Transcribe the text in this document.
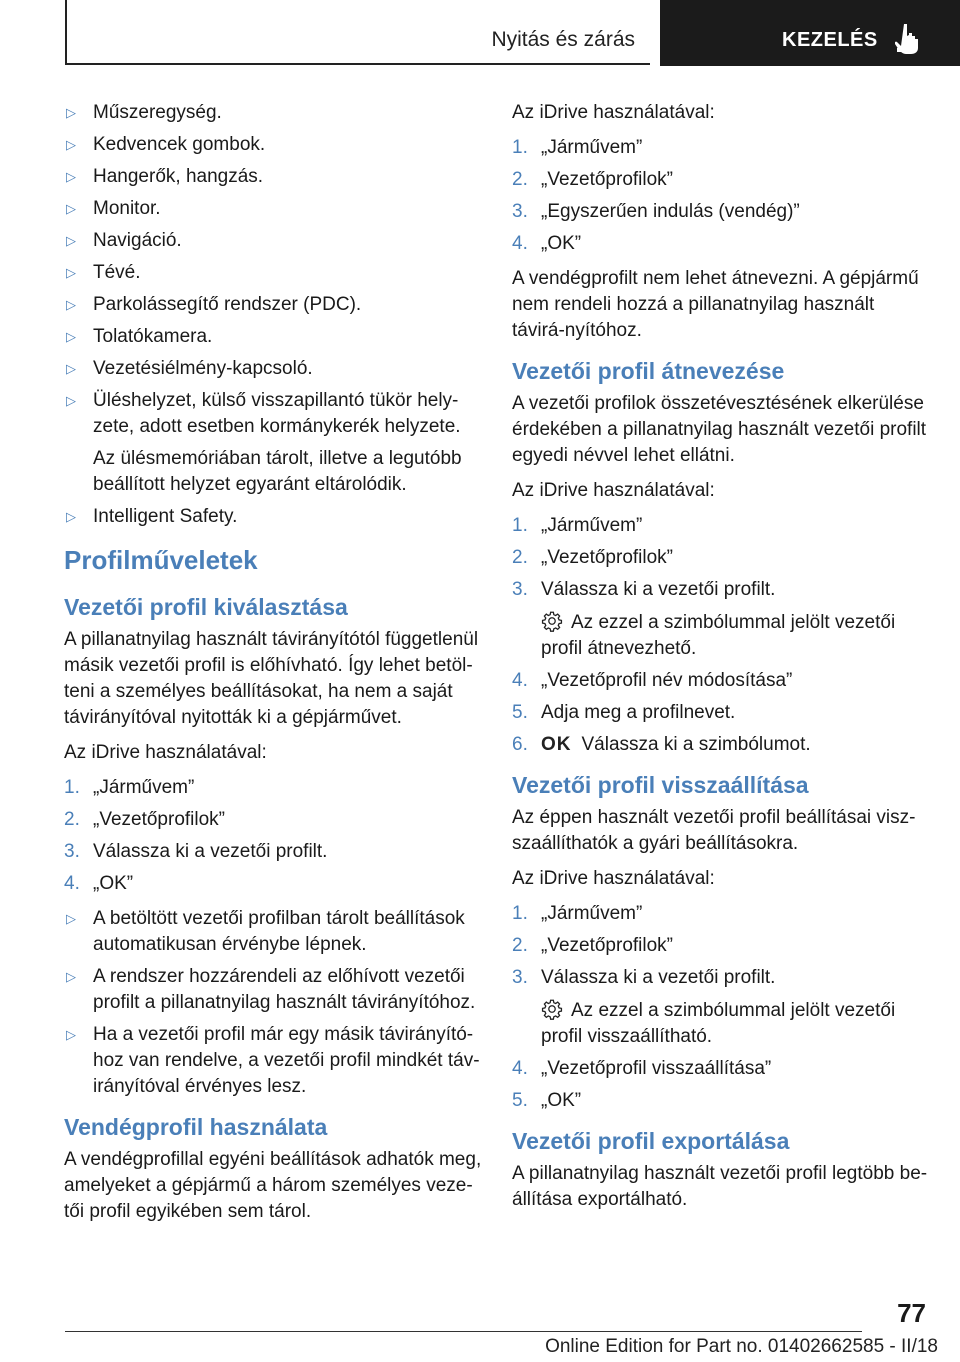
Nyitás és zárás	KEZELÉS
▷ Műszeregység.
▷ Kedvencek gombok.
▷ Hangerők, hangzás.
▷ Monitor.
▷ Navigáció.
▷ Tévé.
▷ Parkolássegítő rendszer (PDC).
▷ Tolatókamera.
▷ Vezetésiélmény-kapcsoló.
▷ Üléshelyzet, külső visszapillantó tükör hely-zete, adott esetben kormánykerék helyzete.
Az ülésmemóriában tárolt, illetve a legutóbb beállított helyzet egyaránt eltárolódik.
▷ Intelligent Safety.
Profilműveletek
Vezetői profil kiválasztása

A pillanatnyilag használt távirányítótól függetlenül másik vezetői profil is előhívható. Így lehet betöl-teni a személyes beállításokat, ha nem a saját távirányítóval nyitották ki a gépjárművet.

Az iDrive használatával:

1. „Járművem”
2. „Vezetőprofilok”
3. Válassza ki a vezetői profilt.
4. „OK”
▷ A betöltött vezetői profilban tárolt beállítások automatikusan érvénybe lépnek.
▷ A rendszer hozzárendeli az előhívott vezetői profilt a pillanatnyilag használt távirányítóhoz.
▷ Ha a vezetői profil már egy másik távirányító-hoz van rendelve, a vezetői profil mindkét táv-irányítóval érvényes lesz.
Vendégprofil használata

A vendégprofillal egyéni beállítások adhatók meg, amelyeket a gépjármű a három személyes veze-tői profil egyikében sem tárol.

Az iDrive használatával:

1. „Járművem”
2. „Vezetőprofilok”
3. „Egyszerűen indulás (vendég)”
4. „OK”

A vendégprofilt nem lehet átnevezni. A gépjármű nem rendeli hozzá a pillanatnyilag használt távirá-nyítóhoz.

Vezetői profil átnevezése

A vezetői profilok összetévesztésének elkerülése érdekében a pillanatnyilag használt vezetői profilt egyedi névvel lehet ellátni.

Az iDrive használatával:

1. „Járművem”
2. „Vezetőprofilok”
3. Válassza ki a vezetői profilt.
Az ezzel a szimbólummal jelölt vezetői profil átnevezhető.
4. „Vezetőprofil név módosítása”
5. Adja meg a profilnevet.
6. OK Válassza ki a szimbólumot.
Vezetői profil visszaállítása

Az éppen használt vezetői profil beállításai visz-szaállíthatók a gyári beállításokra.

Az iDrive használatával:

1. „Járművem”
2. „Vezetőprofilok”
3. Válassza ki a vezetői profilt.
Az ezzel a szimbólummal jelölt vezetői profil visszaállítható.
4. „Vezetőprofil visszaállítása”
5. „OK”
Vezetői profil exportálása

A pillanatnyilag használt vezetői profil legtöbb be-állítása exportálható.

77
Online Edition for Part no. 01402662585 - II/18
